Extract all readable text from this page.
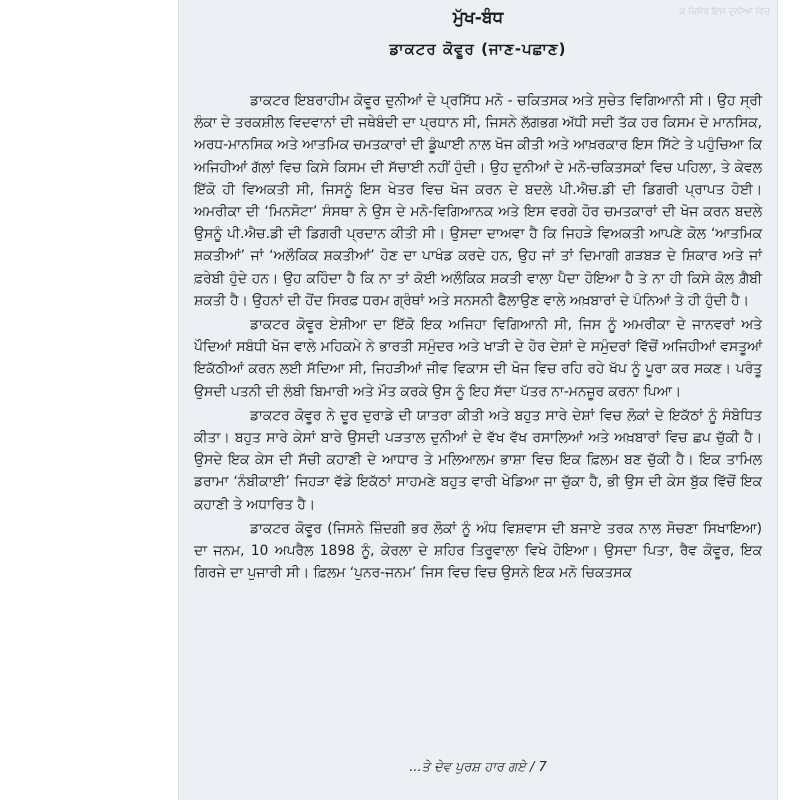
ਕ ਕਿਸ਼ੋਰ ਇਸ ਦੁਨੀਆ ਵਿਚ
ਮੁੱਖ-ਬੰਧ
ਡਾਕਟਰ ਕੋਵੂਰ (ਜਾਣ-ਪਛਾਣ)

ਡਾਕਟਰ ਇਬਰਾਹੀਮ ਕੋਵੂਰ ਦੁਨੀਆਂ ਦੇ ਪ੍ਰਸਿੱਧ ਮਨੋ - ਚਕਿਤਸਕ ਅਤੇ ਸੁਚੇਤ ਵਿਗਿਆਨੀ ਸੀ। ਉਹ ਸ੍ਰੀ ਲੰਕਾ ਦੇ ਤਰਕਸ਼ੀਲ ਵਿਦਵਾਨਾਂ ਦੀ ਜਥੇਬੰਦੀ ਦਾ ਪ੍ਰਧਾਨ ਸੀ, ਜਿਸਨੇ ਲੱਗਭਗ ਅੱਧੀ ਸਦੀ ਤੱਕ ਹਰ ਕਿਸਮ ਦੇ ਮਾਨਸਿਕ, ਅਰਧ-ਮਾਨਸਿਕ ਅਤੇ ਆਤਮਿਕ ਚਮਤਕਾਰਾਂ ਦੀ ਡੂੰਘਾਈ ਨਾਲ ਖੋਜ ਕੀਤੀ ਅਤੇ ਆਖ਼ਰਕਾਰ ਇਸ ਸਿੱਟੇ ਤੇ ਪਹੁੰਚਿਆ ਕਿ ਅਜਿਹੀਆਂ ਗੱਲਾਂ ਵਿਚ ਕਿਸੇ ਕਿਸਮ ਦੀ ਸੱਚਾਈ ਨਹੀਂ ਹੁੰਦੀ। ਉਹ ਦੁਨੀਆਂ ਦੇ ਮਨੋ-ਚਕਿਤਸਕਾਂ ਵਿਚ ਪਹਿਲਾ, ਤੇ ਕੇਵਲ ਇੱਕੋ ਹੀ ਵਿਅਕਤੀ ਸੀ, ਜਿਸਨੂੰ ਇਸ ਖੇਤਰ ਵਿਚ ਖੋਜ ਕਰਨ ਦੇ ਬਦਲੇ ਪੀ.ਐਚ.ਡੀ ਦੀ ਡਿਗਰੀ ਪ੍ਰਾਪਤ ਹੋਈ। ਅਮਰੀਕਾ ਦੀ ‘ਮਿਨਸੋਟਾ’ ਸੰਸਥਾ ਨੇ ਉਸ ਦੇ ਮਨੋ-ਵਿਗਿਆਨਕ ਅਤੇ ਇਸ ਵਰਗੇ ਹੋਰ ਚਮਤਕਾਰਾਂ ਦੀ ਖੋਜ ਕਰਨ ਬਦਲੇ ਉਸਨੂੰ ਪੀ.ਐਚ.ਡੀ ਦੀ ਡਿਗਰੀ ਪ੍ਰਦਾਨ ਕੀਤੀ ਸੀ। ਉਸਦਾ ਦਾਅਵਾ ਹੈ ਕਿ ਜਿਹੜੇ ਵਿਅਕਤੀ ਆਪਣੇ ਕੋਲ ‘ਆਤਮਿਕ ਸ਼ਕਤੀਆਂ’ ਜਾਂ ‘ਅਲੌਕਿਕ ਸ਼ਕਤੀਆਂ’ ਹੋਣ ਦਾ ਪਾਖੰਡ ਕਰਦੇ ਹਨ, ਉਹ ਜਾਂ ਤਾਂ ਦਿਮਾਗੀ ਗੜਬੜ ਦੇ ਸ਼ਿਕਾਰ ਅਤੇ ਜਾਂ ਫ਼ਰੇਬੀ ਹੁੰਦੇ ਹਨ। ਉਹ ਕਹਿੰਦਾ ਹੈ ਕਿ ਨਾ ਤਾਂ ਕੋਈ ਅਲੌਕਿਕ ਸ਼ਕਤੀ ਵਾਲਾ ਪੈਦਾ ਹੋਇਆ ਹੈ ਤੇ ਨਾ ਹੀ ਕਿਸੇ ਕੋਲ ਗ਼ੈਬੀ ਸ਼ਕਤੀ ਹੈ। ਉਹਨਾਂ ਦੀ ਹੋਂਦ ਸਿਰਫ਼ ਧਰਮ ਗ੍ਰੰਥਾਂ ਅਤੇ ਸਨਸਨੀ ਫੈਲਾਉਣ ਵਾਲੇ ਅਖ਼ਬਾਰਾਂ ਦੇ ਪੰਨਿਆਂ ਤੇ ਹੀ ਹੁੰਦੀ ਹੈ।

ਡਾਕਟਰ ਕੋਵੂਰ ਏਸ਼ੀਆ ਦਾ ਇੱਕੋ ਇਕ ਅਜਿਹਾ ਵਿਗਿਆਨੀ ਸੀ, ਜਿਸ ਨੂੰ ਅਮਰੀਕਾ ਦੇ ਜਾਨਵਰਾਂ ਅਤੇ ਪੌਦਿਆਂ ਸਬੰਧੀ ਖੋਜ ਵਾਲੇ ਮਹਿਕਮੇ ਨੇ ਭਾਰਤੀ ਸਮੁੰਦਰ ਅਤੇ ਖਾੜੀ ਦੇ ਹੋਰ ਦੇਸ਼ਾਂ ਦੇ ਸਮੁੰਦਰਾਂ ਵਿੱਚੋਂ ਅਜਿਹੀਆਂ ਵਸਤੂਆਂ ਇਕੱਠੀਆਂ ਕਰਨ ਲਈ ਸੱਦਿਆ ਸੀ, ਜਿਹੜੀਆਂ ਜੀਵ ਵਿਕਾਸ ਦੀ ਖੋਜ ਵਿਚ ਰਹਿ ਰਹੇ ਖੱਪ ਨੂੰ ਪੂਰਾ ਕਰ ਸਕਣ। ਪਰੰਤੂ ਉਸਦੀ ਪਤਨੀ ਦੀ ਲੰਬੀ ਬਿਮਾਰੀ ਅਤੇ ਮੌਤ ਕਰਕੇ ਉਸ ਨੂੰ ਇਹ ਸੱਦਾ ਪੱਤਰ ਨਾ-ਮਨਜ਼ੂਰ ਕਰਨਾ ਪਿਆ।

ਡਾਕਟਰ ਕੋਵੂਰ ਨੇ ਦੂਰ ਦੁਰਾਡੇ ਦੀ ਯਾਤਰਾ ਕੀਤੀ ਅਤੇ ਬਹੁਤ ਸਾਰੇ ਦੇਸ਼ਾਂ ਵਿਚ ਲੋਕਾਂ ਦੇ ਇਕੱਠਾਂ ਨੂੰ ਸੰਬੋਧਿਤ ਕੀਤਾ। ਬਹੁਤ ਸਾਰੇ ਕੇਸਾਂ ਬਾਰੇ ਉਸਦੀ ਪੜਤਾਲ ਦੁਨੀਆਂ ਦੇ ਵੱਖ ਵੱਖ ਰਸਾਲਿਆਂ ਅਤੇ ਅਖ਼ਬਾਰਾਂ ਵਿਚ ਛਪ ਚੁੱਕੀ ਹੈ। ਉਸਦੇ ਇਕ ਕੇਸ ਦੀ ਸੱਚੀ ਕਹਾਣੀ ਦੇ ਆਧਾਰ ਤੇ ਮਲਿਆਲਮ ਭਾਸ਼ਾ ਵਿਚ ਇਕ ਫ਼ਿਲਮ ਬਣ ਚੁੱਕੀ ਹੈ। ਇਕ ਤਾਮਿਲ ਡਰਾਮਾ ‘ਨੰਬੀਕਾਈ’ ਜਿਹੜਾ ਵੱਡੇ ਇਕੱਠਾਂ ਸਾਹਮਣੇ ਬਹੁਤ ਵਾਰੀ ਖੇਡਿਆ ਜਾ ਚੁੱਕਾ ਹੈ, ਭੀ ਉਸ ਦੀ ਕੇਸ ਬੁੱਕ ਵਿੱਚੋਂ ਇਕ ਕਹਾਣੀ ਤੇ ਅਧਾਰਿਤ ਹੈ।

ਡਾਕਟਰ ਕੋਵੂਰ (ਜਿਸਨੇ ਜ਼ਿੰਦਗੀ ਭਰ ਲੋਕਾਂ ਨੂੰ ਅੰਧ ਵਿਸ਼ਵਾਸ ਦੀ ਬਜਾਏ ਤਰਕ ਨਾਲ ਸੋਚਣਾ ਸਿਖਾਇਆ) ਦਾ ਜਨਮ, 10 ਅਪਰੈਲ 1898 ਨੂੰ, ਕੇਰਲਾ ਦੇ ਸ਼ਹਿਰ ਤਿਰੂਵਾਲਾ ਵਿਖੇ ਹੋਇਆ। ਉਸਦਾ ਪਿਤਾ, ਰੈਵ ਕੋਵੂਰ, ਇਕ ਗਿਰਜੇ ਦਾ ਪੁਜਾਰੀ ਸੀ। ਫ਼ਿਲਮ ‘ਪੁਨਰ-ਜਨਮ’ ਜਿਸ ਵਿਚ ਵਿਚ ਉਸਨੇ ਇਕ ਮਨੋ ਚਿਕਤਸਕ

...ਤੇ ਦੇਵ ਪੁਰਸ਼ ਹਾਰ ਗਏ / 7
